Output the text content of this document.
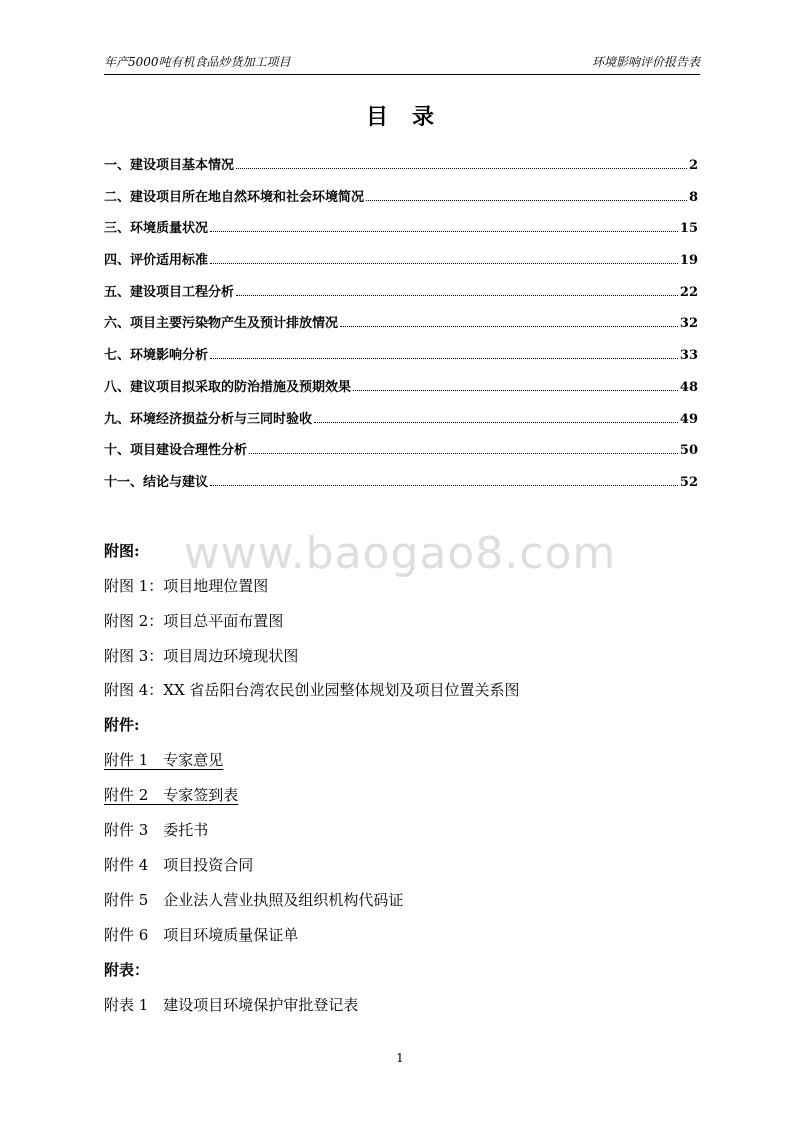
年产5000吨有机食品炒货加工项目	环境影响评价报告表
目录
一、建设项目基本情况	2
二、建设项目所在地自然环境和社会环境简况	8
三、环境质量状况	15
四、评价适用标准	19
五、建设项目工程分析	22
六、项目主要污染物产生及预计排放情况	32
七、环境影响分析	33
八、建议项目拟采取的防治措施及预期效果	48
九、环境经济损益分析与三同时验收	49
十、项目建设合理性分析	50
十一、结论与建议	52
www.baogao8.com
附图:
附图 1：项目地理位置图
附图 2：项目总平面布置图
附图 3：项目周边环境现状图
附图 4：XX 省岳阳台湾农民创业园整体规划及项目位置关系图
附件:
附件 1　专家意见
附件 2　专家签到表
附件 3　委托书
附件 4　项目投资合同
附件 5　企业法人营业执照及组织机构代码证
附件 6　项目环境质量保证单
附表：
附表 1　建设项目环境保护审批登记表
1
